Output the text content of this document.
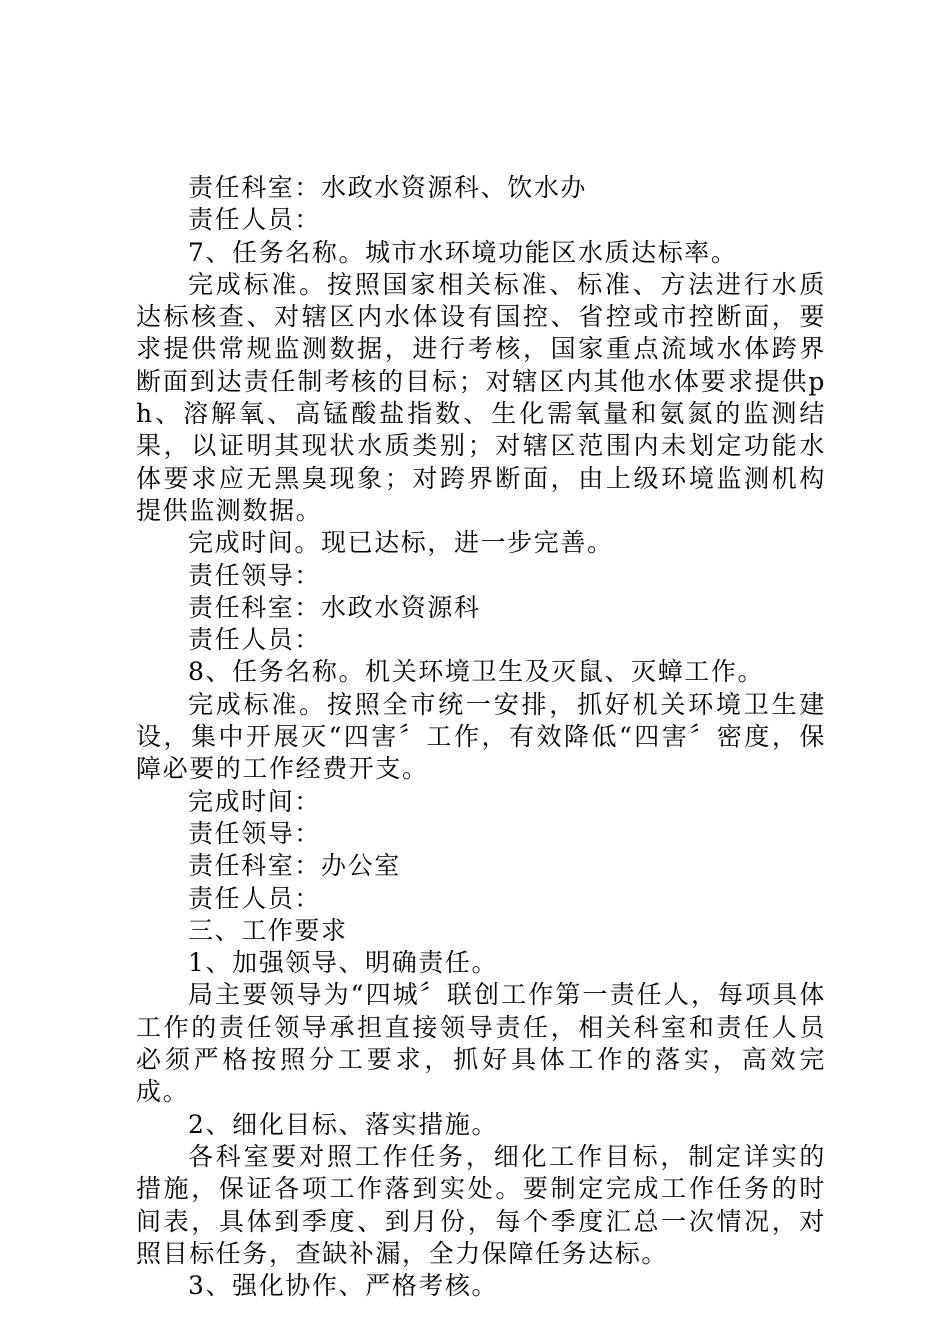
责任科室：水政水资源科、饮水办

责任人员：

7、任务名称。城市水环境功能区水质达标率。

完成标准。按照国家相关标准、标准、方法进行水质达标核查、对辖区内水体设有国控、省控或市控断面，要求提供常规监测数据，进行考核，国家重点流域水体跨界断面到达责任制考核的目标；对辖区内其他水体要求提供ph、溶解氧、高锰酸盐指数、生化需氧量和氨氮的监测结果，以证明其现状水质类别；对辖区范围内未划定功能水体要求应无黑臭现象；对跨界断面，由上级环境监测机构提供监测数据。

完成时间。现已达标，进一步完善。

责任领导：

责任科室：水政水资源科

责任人员：

8、任务名称。机关环境卫生及灭鼠、灭蟑工作。

完成标准。按照全市统一安排，抓好机关环境卫生建设，集中开展灭“四害〞工作，有效降低“四害〞密度，保障必要的工作经费开支。

完成时间：

责任领导：

责任科室：办公室

责任人员：

三、工作要求

1、加强领导、明确责任。

局主要领导为“四城〞联创工作第一责任人，每项具体工作的责任领导承担直接领导责任，相关科室和责任人员必须严格按照分工要求，抓好具体工作的落实，高效完成。

2、细化目标、落实措施。

各科室要对照工作任务，细化工作目标，制定详实的措施，保证各项工作落到实处。要制定完成工作任务的时间表，具体到季度、到月份，每个季度汇总一次情况，对照目标任务，查缺补漏，全力保障任务达标。

3、强化协作、严格考核。
